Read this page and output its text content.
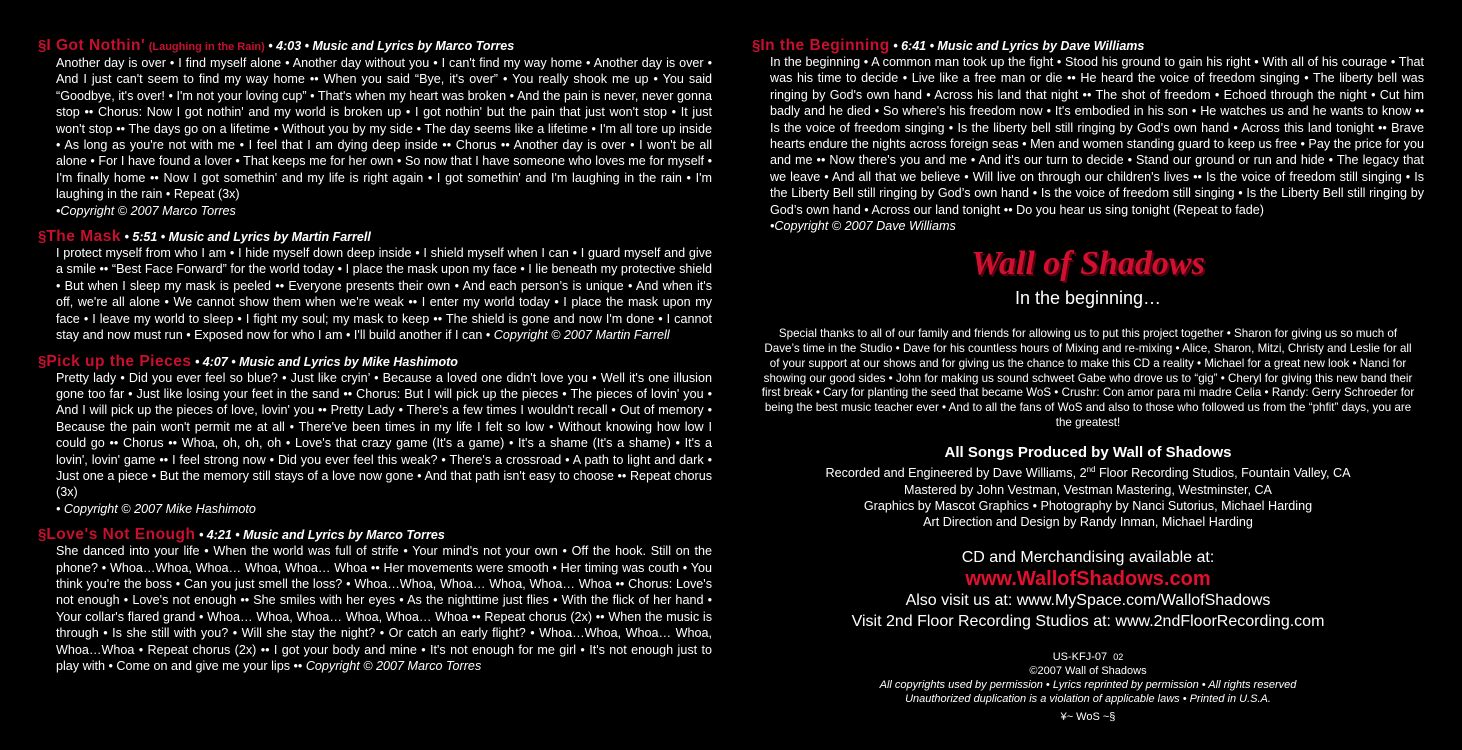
§I Got Nothin' (Laughing in the Rain) • 4:03 • Music and Lyrics by Marco Torres
Another day is over • I find myself alone • Another day without you • I can't find my way home • Another day is over • And I just can't seem to find my way home •• When you said “Bye, it's over” • You really shook me up • You said “Goodbye, it's over! • I'm not your loving cup” • That's when my heart was broken • And the pain is never, never gonna stop •• Chorus: Now I got nothin' and my world is broken up • I got nothin' but the pain that just won't stop • It just won't stop •• The days go on a lifetime • Without you by my side • The day seems like a lifetime • I'm all tore up inside • As long as you're not with me • I feel that I am dying deep inside •• Chorus •• Another day is over • I won't be all alone • For I have found a lover • That keeps me for her own • So now that I have someone who loves me for myself • I'm finally home •• Now I got somethin' and my life is right again • I got somethin' and I'm laughing in the rain • I'm laughing in the rain • Repeat (3x)
•Copyright © 2007 Marco Torres
§The Mask • 5:51 • Music and Lyrics by Martin Farrell
I protect myself from who I am • I hide myself down deep inside • I shield myself when I can • I guard myself and give a smile •• “Best Face Forward” for the world today • I place the mask upon my face • I lie beneath my protective shield • But when I sleep my mask is peeled •• Everyone presents their own • And each person’s is unique • And when it's off, we're all alone • We cannot show them when we're weak •• I enter my world today • I place the mask upon my face • I leave my world to sleep • I fight my soul; my mask to keep •• The shield is gone and now I'm done • I cannot stay and now must run • Exposed now for who I am • I'll build another if I can • Copyright © 2007 Martin Farrell
§Pick up the Pieces • 4:07 • Music and Lyrics by Mike Hashimoto
Pretty lady • Did you ever feel so blue? • Just like cryin’ • Because a loved one didn't love you • Well it's one illusion gone too far • Just like losing your feet in the sand •• Chorus: But I will pick up the pieces • The pieces of lovin' you • And I will pick up the pieces of love, lovin' you •• Pretty Lady • There's a few times I wouldn't recall • Out of memory • Because the pain won't permit me at all • There've been times in my life I felt so low • Without knowing how low I could go •• Chorus •• Whoa, oh, oh, oh • Love's that crazy game (It's a game) • It's a shame (It's a shame) • It's a lovin', lovin' game •• I feel strong now • Did you ever feel this weak? • There's a crossroad • A path to light and dark • Just one a piece • But the memory still stays of a love now gone • And that path isn't easy to choose •• Repeat chorus (3x)
• Copyright © 2007 Mike Hashimoto
§Love's Not Enough • 4:21 • Music and Lyrics by Marco Torres
She danced into your life • When the world was full of strife • Your mind's not your own • Off the hook. Still on the phone? • Whoa…Whoa, Whoa… Whoa, Whoa… Whoa •• Her movements were smooth • Her timing was couth • You think you're the boss • Can you just smell the loss? • Whoa…Whoa, Whoa… Whoa, Whoa… Whoa •• Chorus: Love's not enough • Love's not enough •• She smiles with her eyes • As the nighttime just flies • With the flick of her hand • Your collar's flared grand • Whoa… Whoa, Whoa… Whoa, Whoa… Whoa •• Repeat chorus (2x) •• When the music is through • Is she still with you? • Will she stay the night? • Or catch an early flight? • Whoa…Whoa, Whoa… Whoa, Whoa…Whoa • Repeat chorus (2x) •• I got your body and mine • It's not enough for me girl • It's not enough just to play with • Come on and give me your lips •• Copyright © 2007 Marco Torres
§In the Beginning • 6:41 • Music and Lyrics by Dave Williams
In the beginning • A common man took up the fight • Stood his ground to gain his right • With all of his courage • That was his time to decide • Live like a free man or die •• He heard the voice of freedom singing • The liberty bell was ringing by God's own hand • Across his land that night •• The shot of freedom • Echoed through the night • Cut him badly and he died • So where's his freedom now • It's embodied in his son • He watches us and he wants to know •• Is the voice of freedom singing • Is the liberty bell still ringing by God's own hand • Across this land tonight •• Brave hearts endure the nights across foreign seas • Men and women standing guard to keep us free • Pay the price for you and me •• Now there's you and me • And it's our turn to decide • Stand our ground or run and hide • The legacy that we leave • And all that we believe • Will live on through our children's lives •• Is the voice of freedom still singing • Is the Liberty Bell still ringing by God’s own hand • Is the voice of freedom still singing • Is the Liberty Bell still ringing by God’s own hand • Across our land tonight •• Do you hear us sing tonight (Repeat to fade)
•Copyright © 2007 Dave Williams
Wall of Shadows
In the beginning…
Special thanks to all of our family and friends for allowing us to put this project together • Sharon for giving us so much of Dave’s time in the Studio • Dave for his countless hours of Mixing and re-mixing • Alice, Sharon, Mitzi, Christy and Leslie for all of your support at our shows and for giving us the chance to make this CD a reality • Michael for a great new look • Nanci for showing our good sides • John for making us sound schweet Gabe who drove us to “gig” • Cheryl for giving this new band their first break • Cary for planting the seed that became WoS • Crushr: Con amor para mi madre Celia • Randy: Gerry Schroeder for being the best music teacher ever • And to all the fans of WoS and also to those who followed us from the “phfit” days, you are the greatest!
All Songs Produced by Wall of Shadows
Recorded and Engineered by Dave Williams, 2nd Floor Recording Studios, Fountain Valley, CA
Mastered by John Vestman, Vestman Mastering, Westminster, CA
Graphics by Mascot Graphics • Photography by Nanci Sutorius, Michael Harding
Art Direction and Design by Randy Inman, Michael Harding
CD and Merchandising available at:
www.WallofShadows.com
Also visit us at: www.MySpace.com/WallofShadows
Visit 2nd Floor Recording Studios at: www.2ndFloorRecording.com
US-KFJ-07 02
©2007 Wall of Shadows
All copyrights used by permission • Lyrics reprinted by permission • All rights reserved
Unauthorized duplication is a violation of applicable laws • Printed in U.S.A.
¥~ WoS ~§
